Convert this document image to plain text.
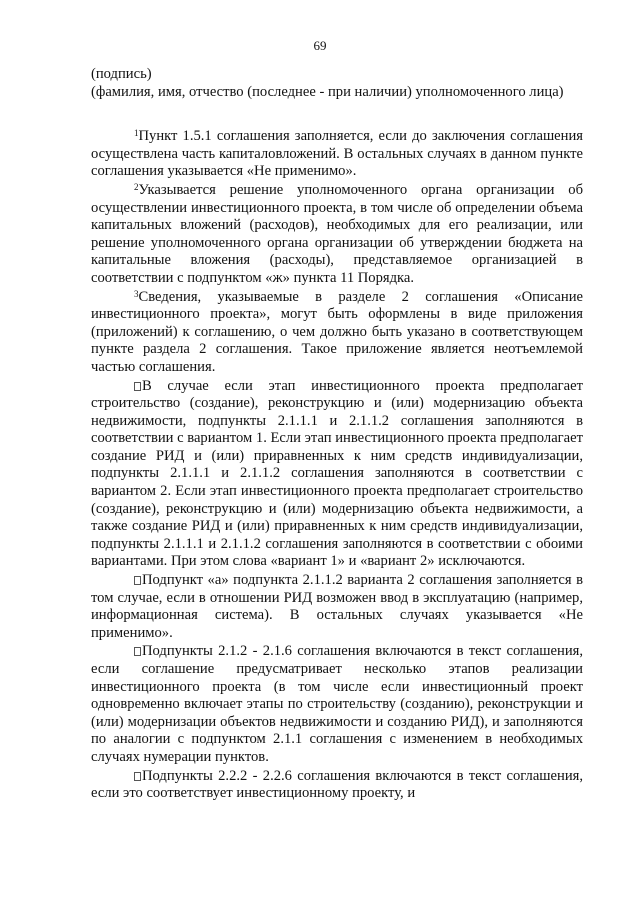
69
(подпись)
(фамилия, имя, отчество (последнее - при наличии) уполномоченного лица)

$^1$Пункт 1.5.1 соглашения заполняется, если до заключения соглашения осуществлена часть капиталовложений. В остальных случаях в данном пункте соглашения указывается «Не применимо».

$^2$Указывается решение уполномоченного органа организации об осуществлении инвестиционного проекта, в том числе об определении объема капитальных вложений (расходов), необходимых для его реализации, или решение уполномоченного органа организации об утверждении бюджета на капитальные вложения (расходы), представляемое организацией в соответствии с подпунктом «ж» пункта 11 Порядка.

$^3$Сведения, указываемые в разделе 2 соглашения «Описание инвестиционного проекта», могут быть оформлены в виде приложения (приложений) к соглашению, о чем должно быть указано в соответствующем пункте раздела 2 соглашения. Такое приложение является неотъемлемой частью соглашения.

В случае если этап инвестиционного проекта предполагает строительство (создание), реконструкцию и (или) модернизацию объекта недвижимости, подпункты 2.1.1.1 и 2.1.1.2 соглашения заполняются в соответствии с вариантом 1. Если этап инвестиционного проекта предполагает создание РИД и (или) приравненных к ним средств индивидуализации, подпункты 2.1.1.1 и 2.1.1.2 соглашения заполняются в соответствии с вариантом 2. Если этап инвестиционного проекта предполагает строительство (создание), реконструкцию и (или) модернизацию объекта недвижимости, а также создание РИД и (или) приравненных к ним средств индивидуализации, подпункты 2.1.1.1 и 2.1.1.2 соглашения заполняются в соответствии с обоими вариантами. При этом слова «вариант 1» и «вариант 2» исключаются.

Подпункт «а» подпункта 2.1.1.2 варианта 2 соглашения заполняется в том случае, если в отношении РИД возможен ввод в эксплуатацию (например, информационная система). В остальных случаях указывается «Не применимо».

Подпункты 2.1.2 - 2.1.6 соглашения включаются в текст соглашения, если соглашение предусматривает несколько этапов реализации инвестиционного проекта (в том числе если инвестиционный проект одновременно включает этапы по строительству (созданию), реконструкции и (или) модернизации объектов недвижимости и созданию РИД), и заполняются по аналогии с подпунктом 2.1.1 соглашения с изменением в необходимых случаях нумерации пунктов.

Подпункты 2.2.2 - 2.2.6 соглашения включаются в текст соглашения, если это соответствует инвестиционному проекту, и
